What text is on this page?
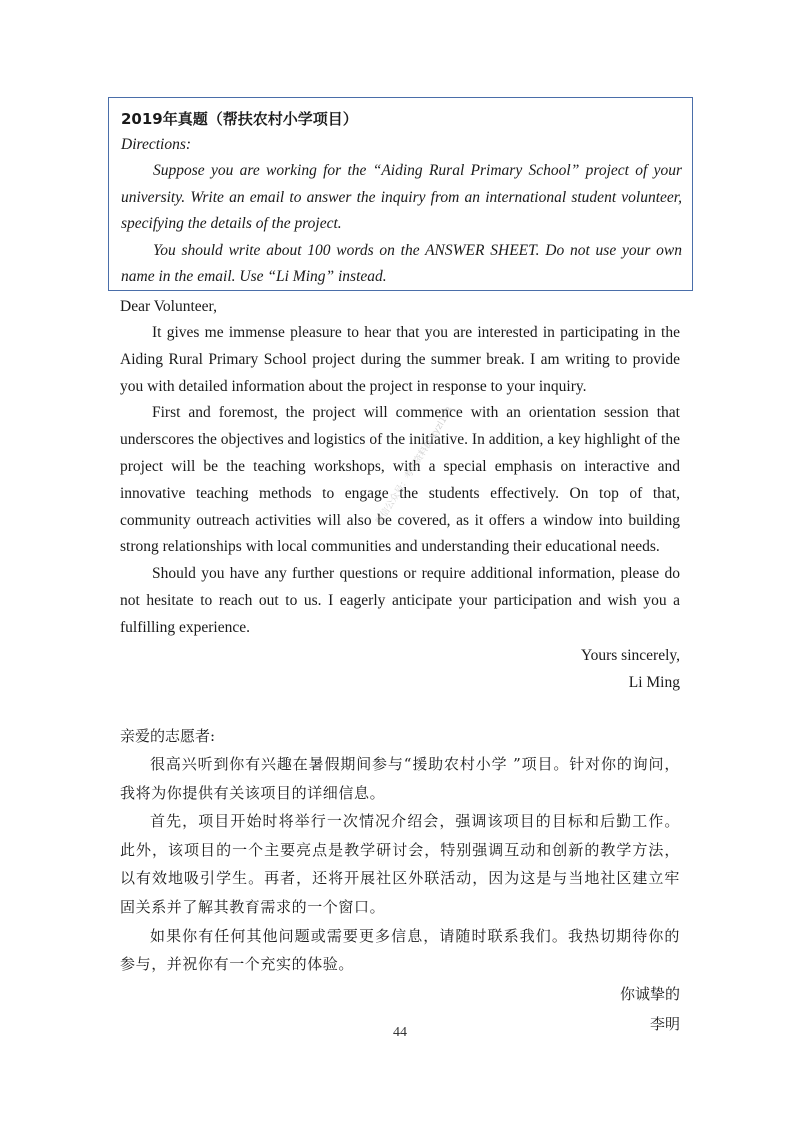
2019年真题（帮扶农村小学项目）

Directions:

Suppose you are working for the “Aiding Rural Primary School” project of your university. Write an email to answer the inquiry from an international student volunteer, specifying the details of the project.

You should write about 100 words on the ANSWER SHEET. Do not use your own name in the email. Use “Li Ming” instead.

Dear Volunteer,

It gives me immense pleasure to hear that you are interested in participating in the Aiding Rural Primary School project during the summer break. I am writing to provide you with detailed information about the project in response to your inquiry.

First and foremost, the project will commence with an orientation session that underscores the objectives and logistics of the initiative. In addition, a key highlight of the project will be the teaching workshops, with a special emphasis on interactive and innovative teaching methods to engage the students effectively. On top of that, community outreach activities will also be covered, as it offers a window into building strong relationships with local communities and understanding their educational needs.

Should you have any further questions or require additional information, please do not hesitate to reach out to us. I eagerly anticipate your participation and wish you a fulfilling experience.

Yours sincerely,

Li Ming

亲爱的志愿者:

很高兴听到你有兴趣在暑假期间参与“援助农村小学 ”项目。针对你的询问，我将为你提供有关该项目的详细信息。

首先，项目开始时将举行一次情况介绍会，强调该项目的目标和后勤工作。此外，该项目的一个主要亮点是教学研讨会，特别强调互动和创新的教学方法，以有效地吸引学生。再者，还将开展社区外联活动，因为这是与当地社区建立牢固关系并了解其教育需求的一个窗口。

如果你有任何其他问题或需要更多信息，请随时联系我们。我热切期待你的参与，并祝你有一个充实的体验。

你诚挚的

李明

微信公众号：考研资料群-kyzl123
44
